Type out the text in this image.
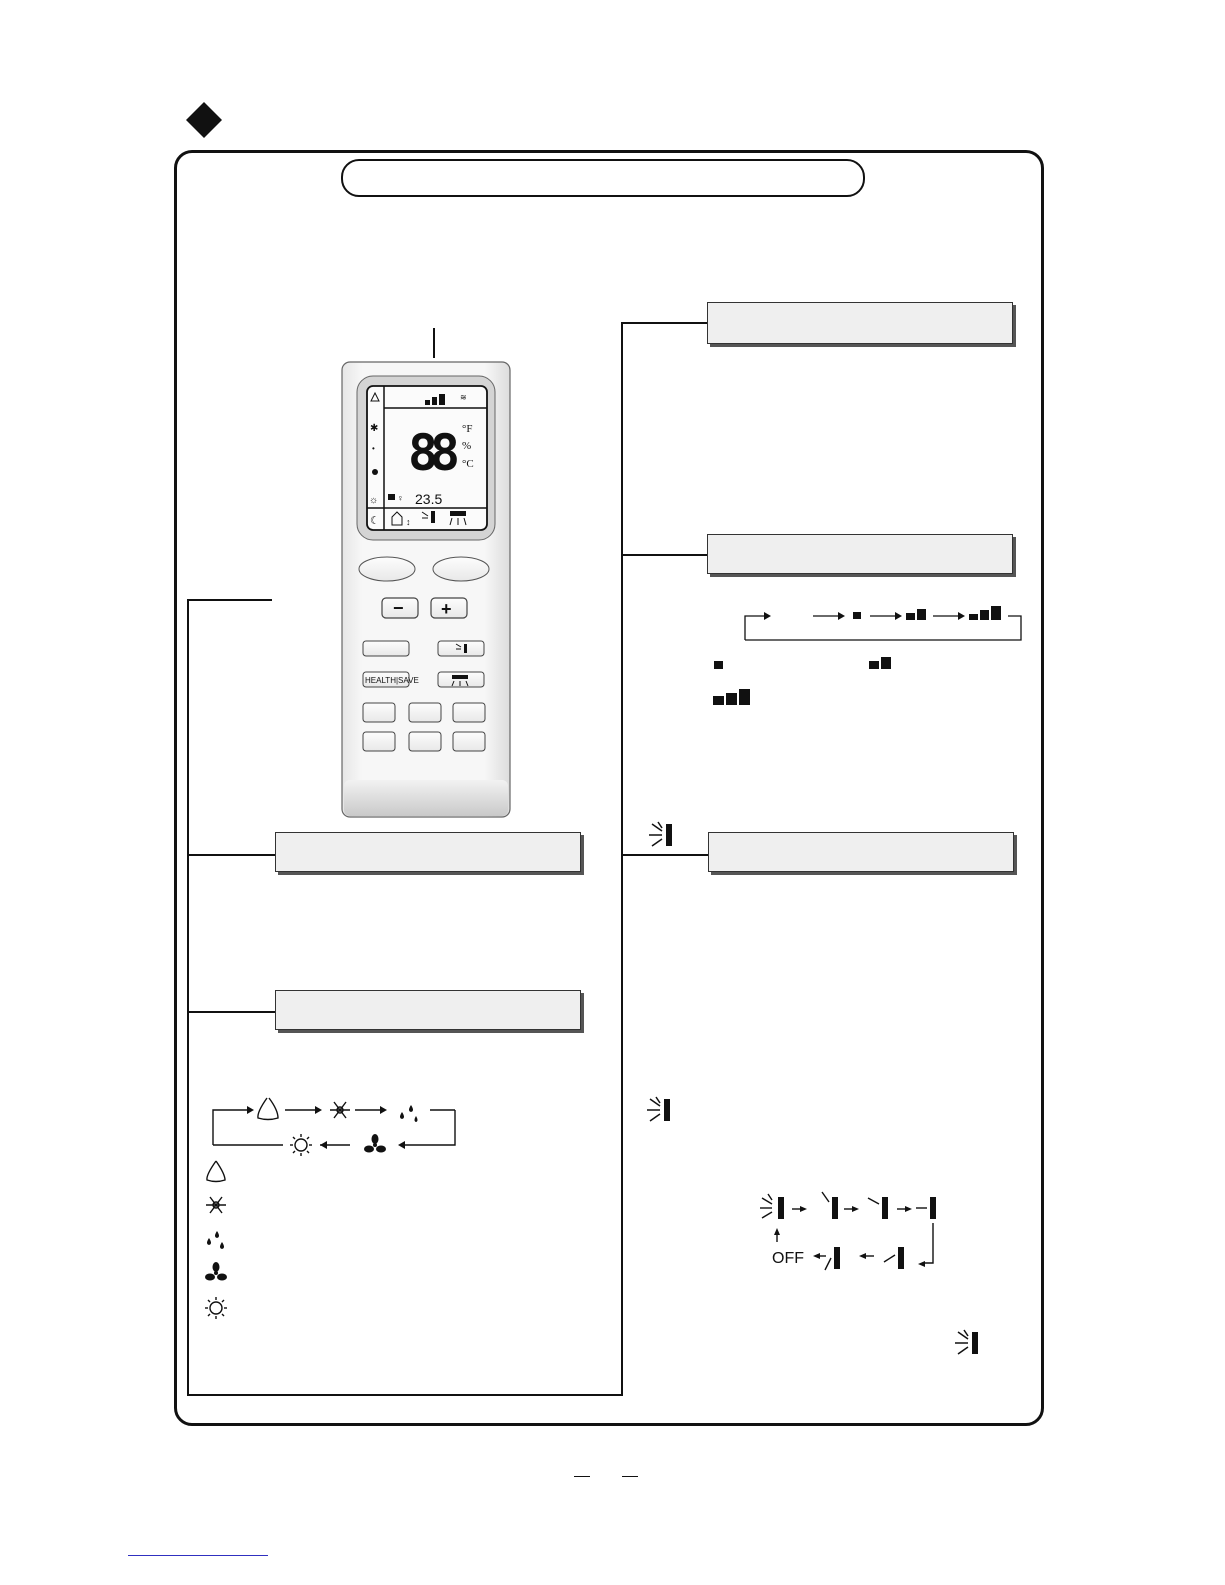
✱
•
☼
☾
≋
88 °F
%
°C
♀ 23.5
↕
− +
HEALTH|SAVE
OFF
